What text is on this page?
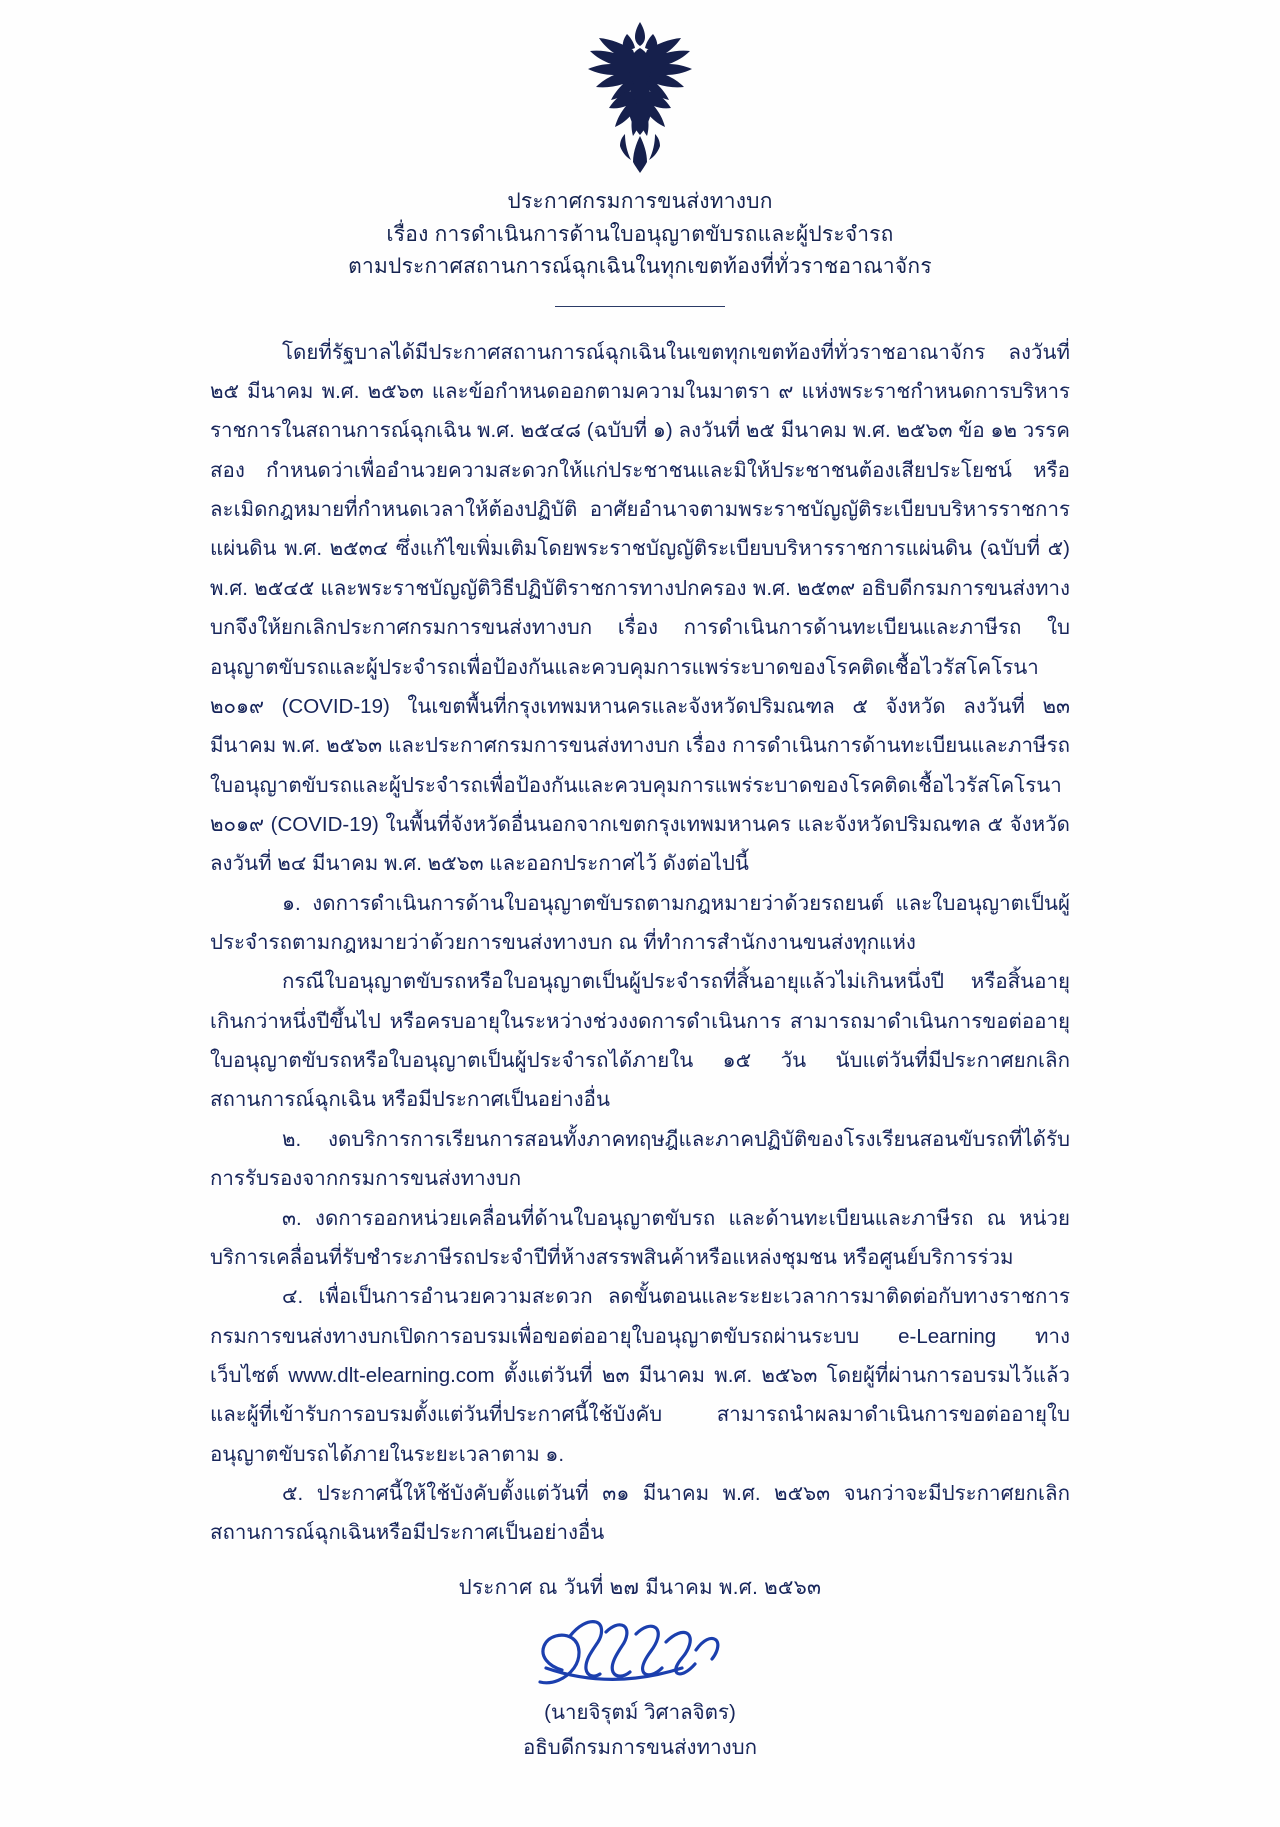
ประกาศกรมการขนส่งทางบก
เรื่อง การดำเนินการด้านใบอนุญาตขับรถและผู้ประจำรถ
ตามประกาศสถานการณ์ฉุกเฉินในทุกเขตท้องที่ทั่วราชอาณาจักร

โดยที่รัฐบาลได้มีประกาศสถานการณ์ฉุกเฉินในเขตทุกเขตท้องที่ทั่วราชอาณาจักร ลงวันที่ ๒๕ มีนาคม พ.ศ. ๒๕๖๓ และข้อกำหนดออกตามความในมาตรา ๙ แห่งพระราชกำหนดการบริหารราชการในสถานการณ์ฉุกเฉิน พ.ศ. ๒๕๔๘ (ฉบับที่ ๑) ลงวันที่ ๒๕ มีนาคม พ.ศ. ๒๕๖๓ ข้อ ๑๒ วรรคสอง กำหนดว่าเพื่ออำนวยความสะดวกให้แก่ประชาชนและมิให้ประชาชนต้องเสียประโยชน์ หรือละเมิดกฎหมายที่กำหนดเวลาให้ต้องปฏิบัติ อาศัยอำนาจตามพระราชบัญญัติระเบียบบริหารราชการแผ่นดิน พ.ศ. ๒๕๓๔ ซึ่งแก้ไขเพิ่มเติมโดยพระราชบัญญัติระเบียบบริหารราชการแผ่นดิน (ฉบับที่ ๕) พ.ศ. ๒๕๔๕ และพระราชบัญญัติวิธีปฏิบัติราชการทางปกครอง พ.ศ. ๒๕๓๙ อธิบดีกรมการขนส่งทางบกจึงให้ยกเลิกประกาศกรมการขนส่งทางบก เรื่อง การดำเนินการด้านทะเบียนและภาษีรถ ใบอนุญาตขับรถและผู้ประจำรถเพื่อป้องกันและควบคุมการแพร่ระบาดของโรคติดเชื้อไวรัสโคโรนา ๒๐๑๙ (COVID-19) ในเขตพื้นที่กรุงเทพมหานครและจังหวัดปริมณฑล ๕ จังหวัด ลงวันที่ ๒๓ มีนาคม พ.ศ. ๒๕๖๓ และประกาศกรมการขนส่งทางบก เรื่อง การดำเนินการด้านทะเบียนและภาษีรถ ใบอนุญาตขับรถและผู้ประจำรถเพื่อป้องกันและควบคุมการแพร่ระบาดของโรคติดเชื้อไวรัสโคโรนา ๒๐๑๙ (COVID-19) ในพื้นที่จังหวัดอื่นนอกจากเขตกรุงเทพมหานคร และจังหวัดปริมณฑล ๕ จังหวัด ลงวันที่ ๒๔ มีนาคม พ.ศ. ๒๕๖๓ และออกประกาศไว้ ดังต่อไปนี้

๑. งดการดำเนินการด้านใบอนุญาตขับรถตามกฎหมายว่าด้วยรถยนต์ และใบอนุญาตเป็นผู้ประจำรถตามกฎหมายว่าด้วยการขนส่งทางบก ณ ที่ทำการสำนักงานขนส่งทุกแห่ง

กรณีใบอนุญาตขับรถหรือใบอนุญาตเป็นผู้ประจำรถที่สิ้นอายุแล้วไม่เกินหนึ่งปี หรือสิ้นอายุเกินกว่าหนึ่งปีขึ้นไป หรือครบอายุในระหว่างช่วงงดการดำเนินการ สามารถมาดำเนินการขอต่ออายุใบอนุญาตขับรถหรือใบอนุญาตเป็นผู้ประจำรถได้ภายใน ๑๕ วัน นับแต่วันที่มีประกาศยกเลิกสถานการณ์ฉุกเฉิน หรือมีประกาศเป็นอย่างอื่น

๒. งดบริการการเรียนการสอนทั้งภาคทฤษฎีและภาคปฏิบัติของโรงเรียนสอนขับรถที่ได้รับการรับรองจากกรมการขนส่งทางบก

๓. งดการออกหน่วยเคลื่อนที่ด้านใบอนุญาตขับรถ และด้านทะเบียนและภาษีรถ ณ หน่วยบริการเคลื่อนที่รับชำระภาษีรถประจำปีที่ห้างสรรพสินค้าหรือแหล่งชุมชน หรือศูนย์บริการร่วม

๔. เพื่อเป็นการอำนวยความสะดวก ลดขั้นตอนและระยะเวลาการมาติดต่อกับทางราชการ กรมการขนส่งทางบกเปิดการอบรมเพื่อขอต่ออายุใบอนุญาตขับรถผ่านระบบ e-Learning ทางเว็บไซต์ www.dlt-elearning.com ตั้งแต่วันที่ ๒๓ มีนาคม พ.ศ. ๒๕๖๓ โดยผู้ที่ผ่านการอบรมไว้แล้ว และผู้ที่เข้ารับการอบรมตั้งแต่วันที่ประกาศนี้ใช้บังคับ สามารถนำผลมาดำเนินการขอต่ออายุใบอนุญาตขับรถได้ภายในระยะเวลาตาม ๑.

๕. ประกาศนี้ให้ใช้บังคับตั้งแต่วันที่ ๓๑ มีนาคม พ.ศ. ๒๕๖๓ จนกว่าจะมีประกาศยกเลิกสถานการณ์ฉุกเฉินหรือมีประกาศเป็นอย่างอื่น

ประกาศ ณ วันที่ ๒๗ มีนาคม พ.ศ. ๒๕๖๓
(นายจิรุตม์ วิศาลจิตร)
อธิบดีกรมการขนส่งทางบก
